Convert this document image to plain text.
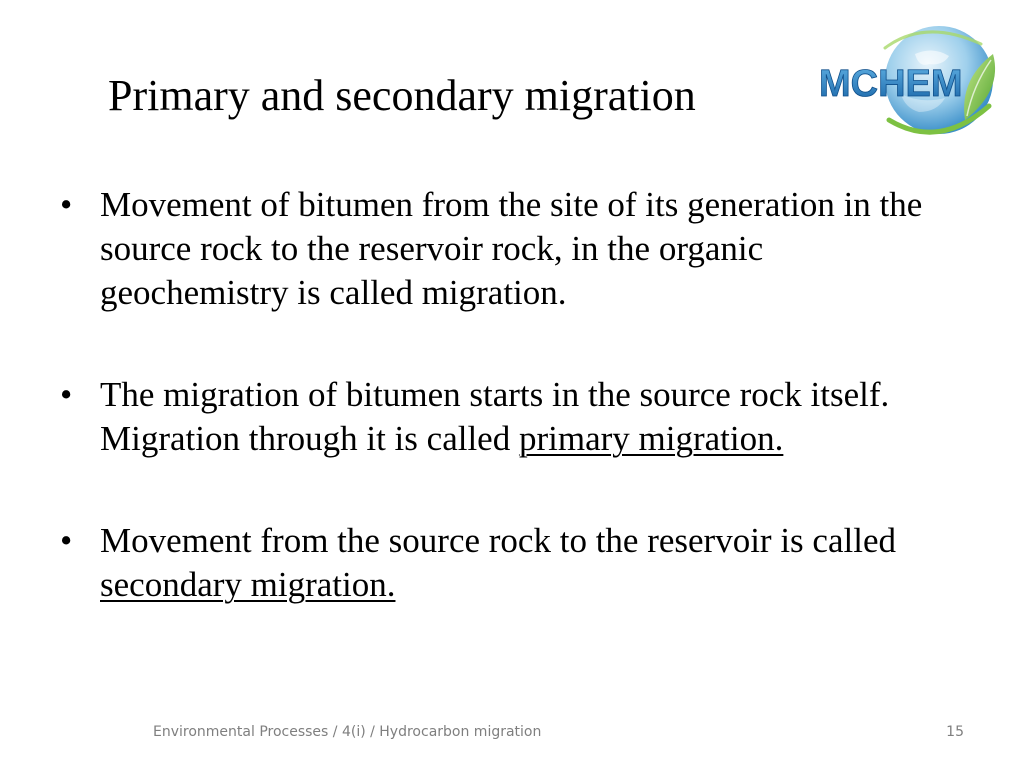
Primary and secondary migration	MCHEM
• Movement of bitumen from the site of its generation in the source rock to the reservoir rock, in the organic geochemistry is called migration.
• The migration of bitumen starts in the source rock itself. Migration through it is called primary migration.
• Movement from the source rock to the reservoir is called secondary migration.
Environmental Processes / 4(i) / Hydrocarbon migration	15
